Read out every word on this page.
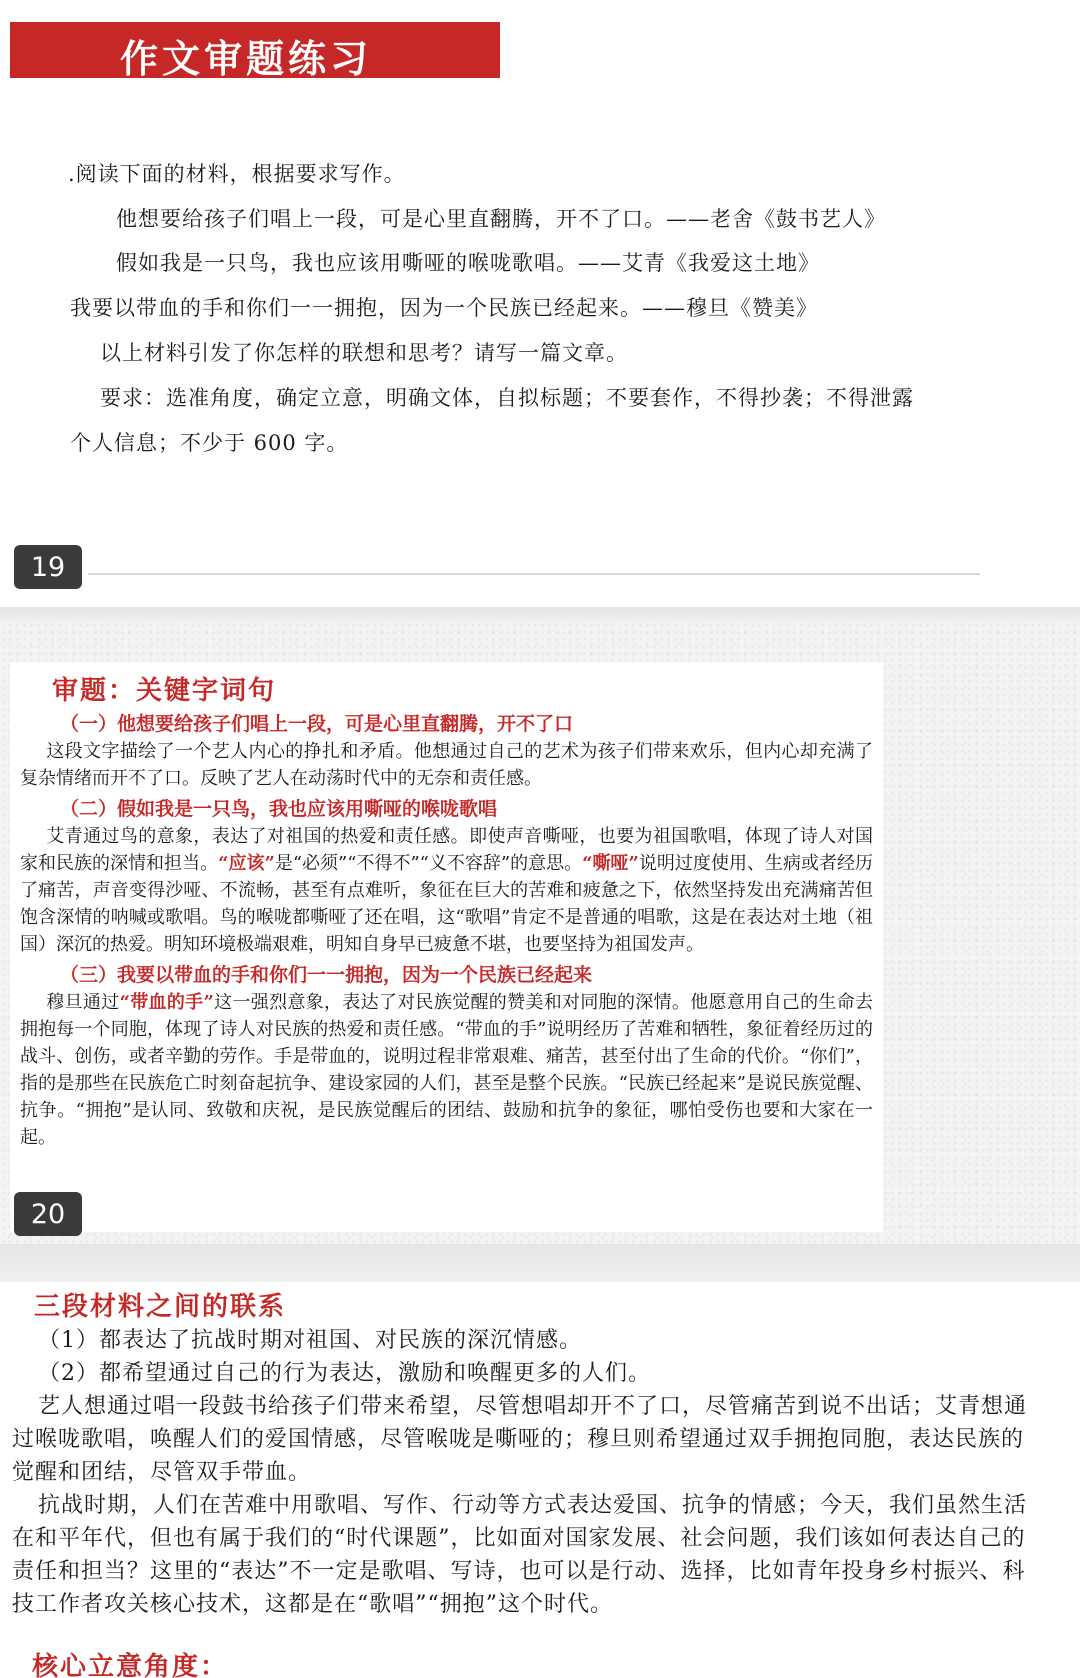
作文审题练习

.阅读下面的材料，根据要求写作。

他想要给孩子们唱上一段，可是心里直翻腾，开不了口。——老舍《鼓书艺人》

假如我是一只鸟，我也应该用嘶哑的喉咙歌唱。——艾青《我爱这土地》

我要以带血的手和你们一一拥抱，因为一个民族已经起来。——穆旦《赞美》

以上材料引发了你怎样的联想和思考？请写一篇文章。

要求：选准角度，确定立意，明确文体，自拟标题；不要套作，不得抄袭；不得泄露

个人信息；不少于 600 字。

19
审题：关键字词句
（一）他想要给孩子们唱上一段，可是心里直翻腾，开不了口

这段文字描绘了一个艺人内心的挣扎和矛盾。他想通过自己的艺术为孩子们带来欢乐，但内心却充满了复杂情绪而开不了口。反映了艺人在动荡时代中的无奈和责任感。

（二）假如我是一只鸟，我也应该用嘶哑的喉咙歌唱

艾青通过鸟的意象，表达了对祖国的热爱和责任感。即使声音嘶哑，也要为祖国歌唱，体现了诗人对国家和民族的深情和担当。“应该”是“必须”“不得不”“义不容辞”的意思。“嘶哑”说明过度使用、生病或者经历了痛苦，声音变得沙哑、不流畅，甚至有点难听，象征在巨大的苦难和疲惫之下，依然坚持发出充满痛苦但饱含深情的呐喊或歌唱。鸟的喉咙都嘶哑了还在唱，这“歌唱”肯定不是普通的唱歌，这是在表达对土地（祖国）深沉的热爱。明知环境极端艰难，明知自身早已疲惫不堪，也要坚持为祖国发声。

（三）我要以带血的手和你们一一拥抱，因为一个民族已经起来

穆旦通过“带血的手”这一强烈意象，表达了对民族觉醒的赞美和对同胞的深情。他愿意用自己的生命去拥抱每一个同胞，体现了诗人对民族的热爱和责任感。“带血的手”说明经历了苦难和牺牲，象征着经历过的战斗、创伤，或者辛勤的劳作。手是带血的，说明过程非常艰难、痛苦，甚至付出了生命的代价。“你们”，指的是那些在民族危亡时刻奋起抗争、建设家园的人们，甚至是整个民族。“民族已经起来”是说民族觉醒、抗争。“拥抱”是认同、致敬和庆祝，是民族觉醒后的团结、鼓励和抗争的象征，哪怕受伤也要和大家在一起。

20
三段材料之间的联系

（1）都表达了抗战时期对祖国、对民族的深沉情感。

（2）都希望通过自己的行为表达，激励和唤醒更多的人们。

艺人想通过唱一段鼓书给孩子们带来希望，尽管想唱却开不了口，尽管痛苦到说不出话；艾青想通过喉咙歌唱，唤醒人们的爱国情感，尽管喉咙是嘶哑的；穆旦则希望通过双手拥抱同胞，表达民族的觉醒和团结，尽管双手带血。

抗战时期，人们在苦难中用歌唱、写作、行动等方式表达爱国、抗争的情感；今天，我们虽然生活在和平年代，但也有属于我们的“时代课题”，比如面对国家发展、社会问题，我们该如何表达自己的责任和担当？这里的“表达”不一定是歌唱、写诗，也可以是行动、选择，比如青年投身乡村振兴、科技工作者攻关核心技术，这都是在“歌唱”“拥抱”这个时代。

核心立意角度：
